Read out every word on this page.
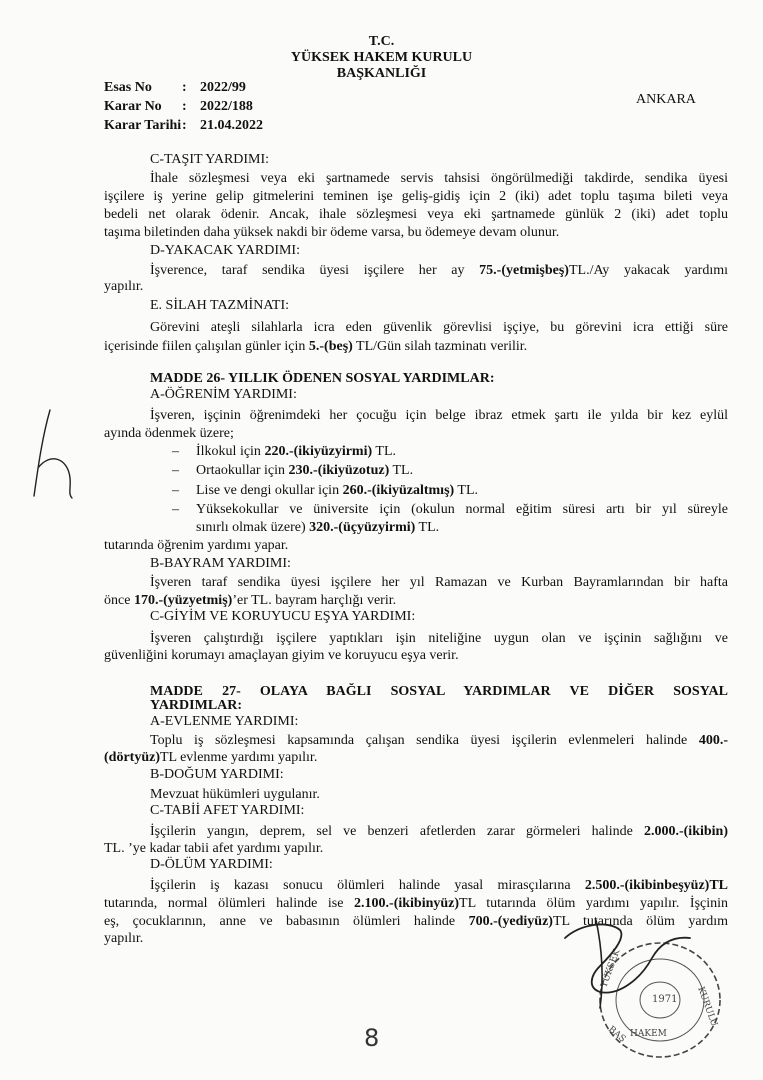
T.C.
YÜKSEK HAKEM KURULU
BAŞKANLIĞI
Esas No : 2022/99
Karar No : 2022/188
Karar Tarihi: 21.04.2022
ANKARA
C-TAŞIT YARDIMI:
İhale sözleşmesi veya eki şartnamede servis tahsisi öngörülmediği takdirde, sendika üyesi
işçilere iş yerine gelip gitmelerini teminen işe geliş-gidiş için 2 (iki) adet toplu taşıma bileti veya
bedeli net olarak ödenir. Ancak, ihale sözleşmesi veya eki şartnamede günlük 2 (iki) adet toplu
taşıma biletinden daha yüksek nakdi bir ödeme varsa, bu ödemeye devam olunur.
D-YAKACAK YARDIMI:
İşverence, taraf sendika üyesi işçilere her ay 75.-(yetmişbeş)TL./Ay yakacak yardımı
yapılır.
E. SİLAH TAZMİNATI:
Görevini ateşli silahlarla icra eden güvenlik görevlisi işçiye, bu görevini icra ettiği süre
içerisinde fiilen çalışılan günler için 5.-(beş) TL/Gün silah tazminatı verilir.
MADDE 26- YILLIK ÖDENEN SOSYAL YARDIMLAR:
A-ÖĞRENİM YARDIMI:
İşveren, işçinin öğrenimdeki her çocuğu için belge ibraz etmek şartı ile yılda bir kez eylül
ayında ödenmek üzere;
– İlkokul için 220.-(ikiyüzyirmi) TL.
– Ortaokullar için 230.-(ikiyüzotuz) TL.
– Lise ve dengi okullar için 260.-(ikiyüzaltmış) TL.
– Yüksekokullar ve üniversite için (okulun normal eğitim süresi artı bir yıl süreyle
sınırlı olmak üzere) 320.-(üçyüzyirmi) TL.
tutarında öğrenim yardımı yapar.
B-BAYRAM YARDIMI:
İşveren taraf sendika üyesi işçilere her yıl Ramazan ve Kurban Bayramlarından bir hafta
önce 170.-(yüzyetmiş)’er TL. bayram harçlığı verir.
C-GİYİM VE KORUYUCU EŞYA YARDIMI:
İşveren çalıştırdığı işçilere yaptıkları işin niteliğine uygun olan ve işçinin sağlığını ve
güvenliğini korumayı amaçlayan giyim ve koruyucu eşya verir.
MADDE 27- OLAYA BAĞLI SOSYAL YARDIMLAR VE DİĞER SOSYAL
YARDIMLAR:
A-EVLENME YARDIMI:
Toplu iş sözleşmesi kapsamında çalışan sendika üyesi işçilerin evlenmeleri halinde 400.-
(dörtyüz)TL evlenme yardımı yapılır.
B-DOĞUM YARDIMI:
Mevzuat hükümleri uygulanır.
C-TABİİ AFET YARDIMI:
İşçilerin yangın, deprem, sel ve benzeri afetlerden zarar görmeleri halinde 2.000.-(ikibin)
TL. ’ye kadar tabii afet yardımı yapılır.
D-ÖLÜM YARDIMI:
İşçilerin iş kazası sonucu ölümleri halinde yasal mirasçılarına 2.500.-(ikibinbeşyüz)TL
tutarında, normal ölümleri halinde ise 2.100.-(ikibinyüz)TL tutarında ölüm yardımı yapılır. İşçinin
eş, çocuklarının, anne ve babasının ölümleri halinde 700.-(yediyüz)TL tutarında ölüm yardım
yapılır.
8
1971
YÜKSEK
HAKEM
KURULU
BAŞ
